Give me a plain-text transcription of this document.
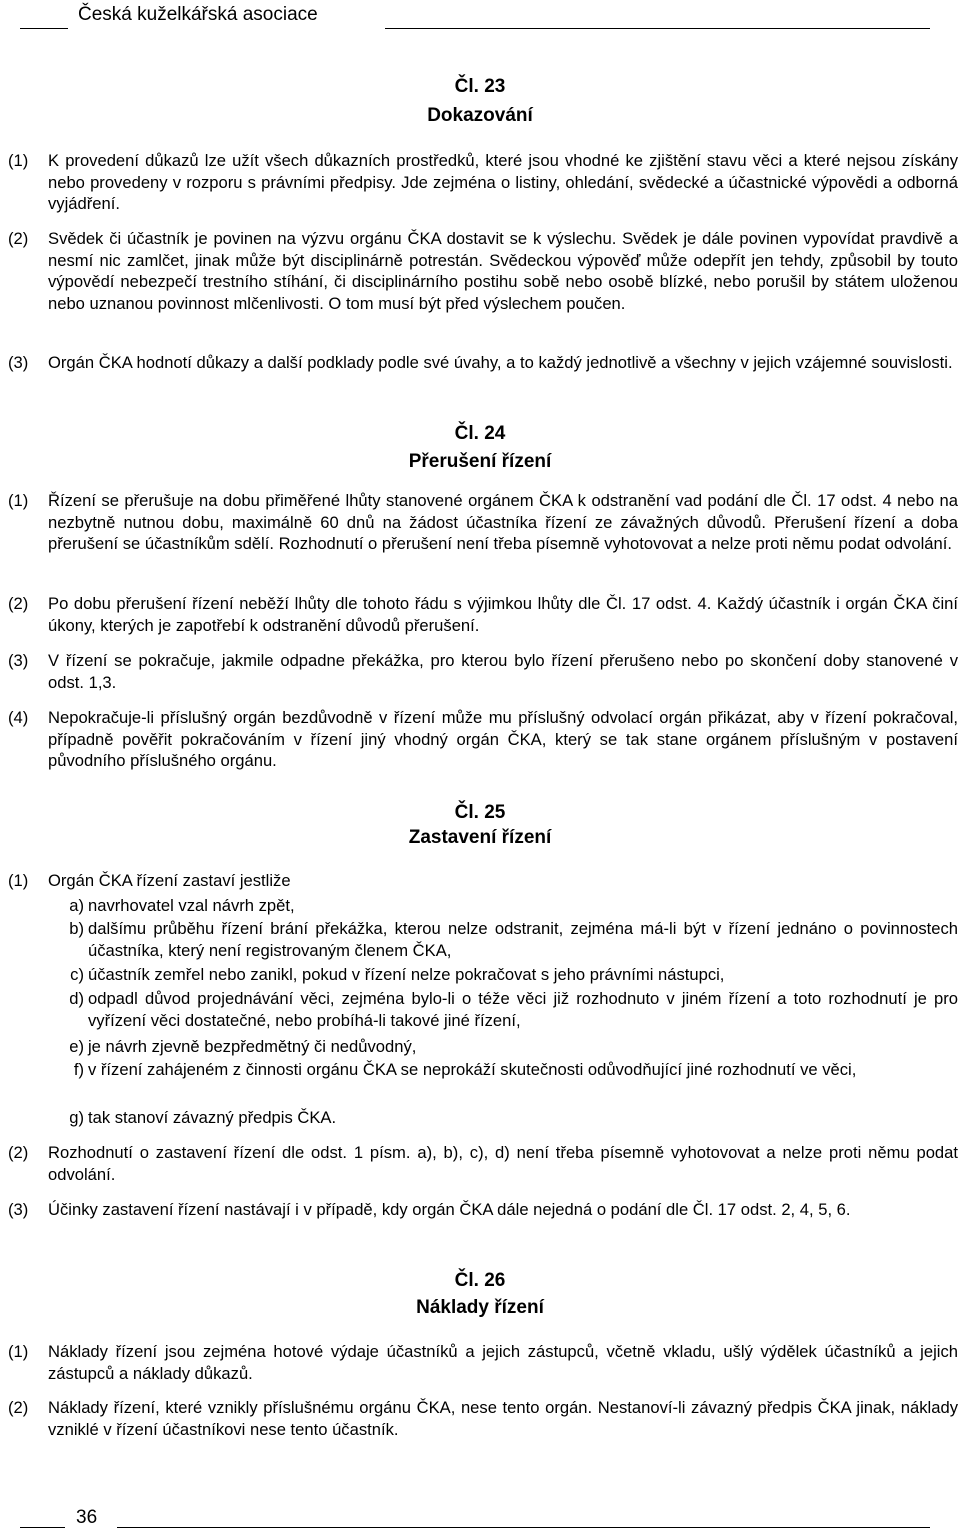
Česká kuželkářská asociace
Čl. 23
Dokazování
(1) K provedení důkazů lze užít všech důkazních prostředků, které jsou vhodné ke zjištění stavu věci a které nejsou získány nebo provedeny v rozporu s právními předpisy. Jde zejména o listiny, ohledání, svědecké a účastnické výpovědi a odborná vyjádření.
(2) Svědek či účastník je povinen na výzvu orgánu ČKA dostavit se k výslechu. Svědek je dále povinen vypovídat pravdivě a nesmí nic zamlčet, jinak může být disciplinárně potrestán. Svědeckou výpověď může odepřít jen tehdy, způsobil by touto výpovědí nebezpečí trestního stíhání, či disciplinárního postihu sobě nebo osobě blízké, nebo porušil by státem uloženou nebo uznanou povinnost mlčenlivosti. O tom musí být před výslechem poučen.
(3) Orgán ČKA hodnotí důkazy a další podklady podle své úvahy, a to každý jednotlivě a všechny v jejich vzájemné souvislosti.
Čl. 24
Přerušení řízení
(1) Řízení se přerušuje na dobu přiměřené lhůty stanovené orgánem ČKA k odstranění vad podání dle Čl. 17 odst. 4 nebo na nezbytně nutnou dobu, maximálně 60 dnů na žádost účastníka řízení ze závažných důvodů. Přerušení řízení a doba přerušení se účastníkům sdělí. Rozhodnutí o přerušení není třeba písemně vyhotovovat a nelze proti němu podat odvolání.
(2) Po dobu přerušení řízení neběží lhůty dle tohoto řádu s výjimkou lhůty dle Čl. 17 odst. 4. Každý účastník i orgán ČKA činí úkony, kterých je zapotřebí k odstranění důvodů přerušení.
(3) V řízení se pokračuje, jakmile odpadne překážka, pro kterou bylo řízení přerušeno nebo po skončení doby stanovené v odst. 1,3.
(4) Nepokračuje-li příslušný orgán bezdůvodně v řízení může mu příslušný odvolací orgán přikázat, aby v řízení pokračoval, případně pověřit pokračováním v řízení jiný vhodný orgán ČKA, který se tak stane orgánem příslušným v postavení původního příslušného orgánu.
Čl. 25
Zastavení řízení
(1) Orgán ČKA řízení zastaví jestliže
a) navrhovatel vzal návrh zpět,
b) dalšímu průběhu řízení brání překážka, kterou nelze odstranit, zejména má-li být v řízení jednáno o povinnostech účastníka, který není registrovaným členem ČKA,
c) účastník zemřel nebo zanikl, pokud v řízení nelze pokračovat s jeho právními nástupci,
d) odpadl důvod projednávání věci, zejména bylo-li o téže věci již rozhodnuto v jiném řízení a toto rozhodnutí je pro vyřízení věci dostatečné, nebo probíhá-li takové jiné řízení,
e) je návrh zjevně bezpředmětný či nedůvodný,
f) v řízení zahájeném z činnosti orgánu ČKA se neprokáží skutečnosti odůvodňující jiné rozhodnutí ve věci,
g) tak stanoví závazný předpis ČKA.
(2) Rozhodnutí o zastavení řízení dle odst. 1 písm. a), b), c), d) není třeba písemně vyhotovovat a nelze proti němu podat odvolání.
(3) Účinky zastavení řízení nastávají i v případě, kdy orgán ČKA dále nejedná o podání dle Čl. 17 odst. 2, 4, 5, 6.
Čl. 26
Náklady řízení
(1) Náklady řízení jsou zejména hotové výdaje účastníků a jejich zástupců, včetně vkladu, ušlý výdělek účastníků a jejich zástupců a náklady důkazů.
(2) Náklady řízení, které vznikly příslušnému orgánu ČKA, nese tento orgán. Nestanoví-li závazný předpis ČKA jinak, náklady vzniklé v řízení účastníkovi nese tento účastník.
36
